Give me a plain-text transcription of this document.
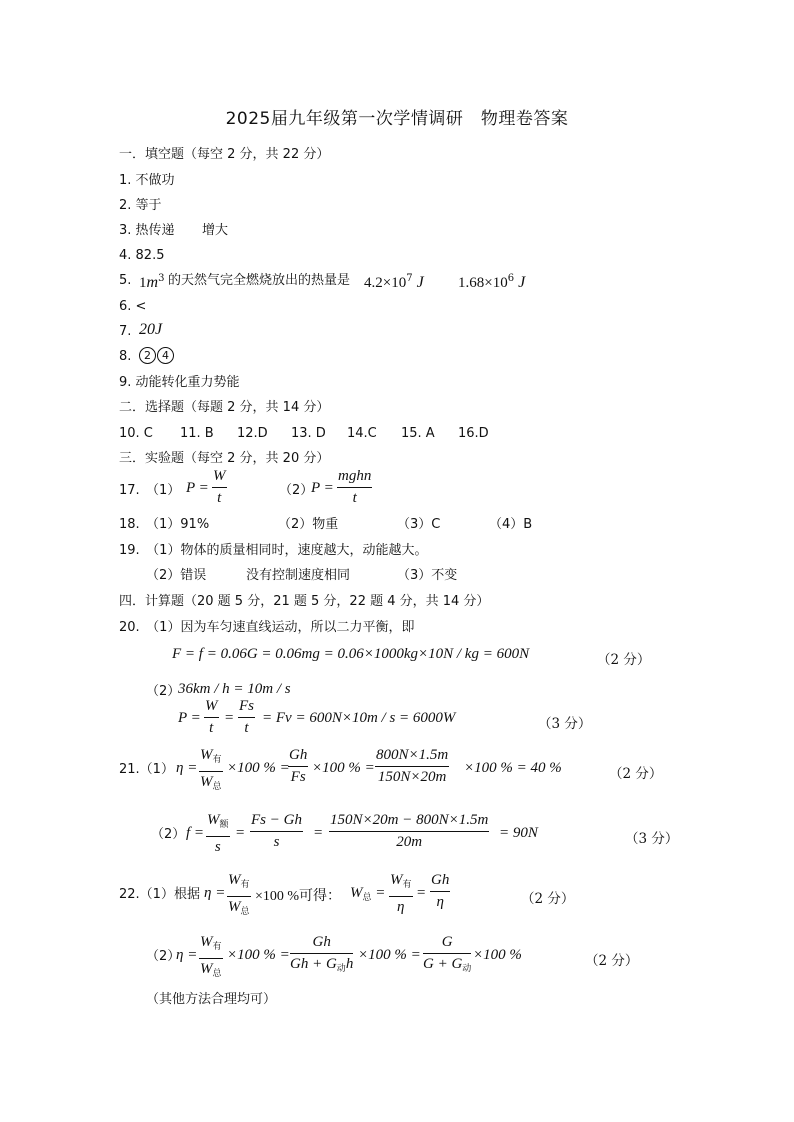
2025届九年级第一次学情调研　物理卷答案
一．填空题（每空 2 分，共 22 分）
1. 不做功
2. 等于
3. 热传递 增大
4. 82.5
5. $1m^3$ 的天然气完全燃烧放出的热量是 $4.2\times 10^7$ J $1.68\times 10^6$ J
6. <
7. 20J
8.	2 4
9. 动能转化重力势能
二．选择题（每题 2 分，共 14 分）
10. C 11. B 12.D 13. D 14.C 15. A 16.D
三．实验题（每空 2 分，共 20 分）
17. （1） $P = \frac{W}{t}$	（2）
P =
mghn
t
18. （1）91%	（2）物重	（3）C	（4）B
19.　（1）物体的质量相同时，速度越大，动能越大。
（2）错误	没有控制速度相同	（3）不变
四．计算题（20 题 5 分，21 题 5 分，22 题 4 分，共 14 分）
20.　（1）因为车匀速直线运动，所以二力平衡，即
F = f = 0.06G = 0.06mg = 0.06×1000kg×10N / kg = 600N	（2 分）
（2）
36km / h = 10m / s
$P = \frac{W}{t} = \frac{Fs}{t} = Fv = 600N\times 10m / s = 6000W$	（3 分）
21.（1） η =
$W_有$
$W_总$
×100 % =
$\frac{Gh}{Fs} \times 100$ % = $\frac{800N\times 1.5m}{150N\times 20m} \times 100$ % = 40 %	（2 分）
（2） f =
$W_额$
s
= $\frac{Fs - Gh}{s} = \frac{150N\times 20m - 800N\times 1.5m}{20m} = 90N$	（3 分）
22.（1）根据 η =
$W_有$
$W_总$
×100 %可得： $W_总$ =
$W_有$
η
= $\frac{Gh}{\eta}$	（2 分）
（2）
η =
$W_有$
$W_总$
×100 % =
Gh
$Gh + G_动h$
×100 % =
G
$G + G_动$
×100 %	（2 分）
（其他方法合理均可）
